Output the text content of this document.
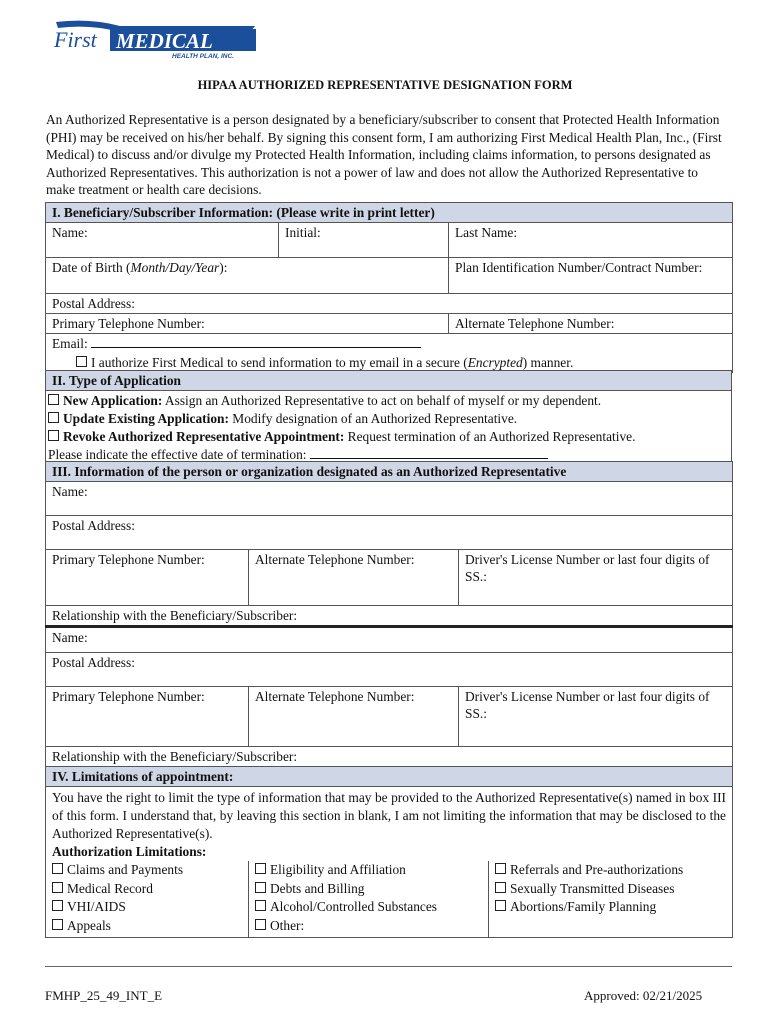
First MEDICAL
HEALTH PLAN, INC.
HIPAA AUTHORIZED REPRESENTATIVE DESIGNATION FORM
An Authorized Representative is a person designated by a beneficiary/subscriber to consent that Protected Health Information (PHI) may be received on his/her behalf. By signing this consent form, I am authorizing First Medical Health Plan, Inc., (First Medical) to discuss and/or divulge my Protected Health Information, including claims information, to persons designated as Authorized Representatives. This authorization is not a power of law and does not allow the Authorized Representative to make treatment or health care decisions.
I. Beneficiary/Subscriber Information: (Please write in print letter)		
Name:	Initial:	Last Name:
Date of Birth (Month/Day/Year):		Plan Identification Number/Contract Number:
Postal Address:		
Primary Telephone Number:		Alternate Telephone Number:
Email:		
I authorize First Medical to send information to my email in a secure (Encrypted) manner.		
II. Type of Application

New Application: Assign an Authorized Representative to act on behalf of myself or my dependent.
Update Existing Application: Modify designation of an Authorized Representative.
Revoke Authorized Representative Appointment: Request termination of an Authorized Representative.
Please indicate the effective date of termination:
III. Information of the person or organization designated as an Authorized Representative		
Name:		
Postal Address:		
Primary Telephone Number:	Alternate Telephone Number:	Driver's License Number or last four digits of SS.:
Relationship with the Beneficiary/Subscriber:		
Name:		
Postal Address:		
Primary Telephone Number:	Alternate Telephone Number:	Driver's License Number or last four digits of SS.:
Relationship with the Beneficiary/Subscriber:		
IV. Limitations of appointment:
You have the right to limit the type of information that may be provided to the Authorized Representative(s) named in box III of this form. I understand that, by leaving this section in blank, I am not limiting the information that may be disclosed to the Authorized Representative(s).
Authorization Limitations:

Claims and Payments
Medical Record
VHI/AIDS
Appeals

Eligibility and Affiliation
Debts and Billing
Alcohol/Controlled Substances
Other:

Referrals and Pre-authorizations
Sexually Transmitted Diseases
Abortions/Family Planning
FMHP_25_49_INT_E	Approved: 02/21/2025
